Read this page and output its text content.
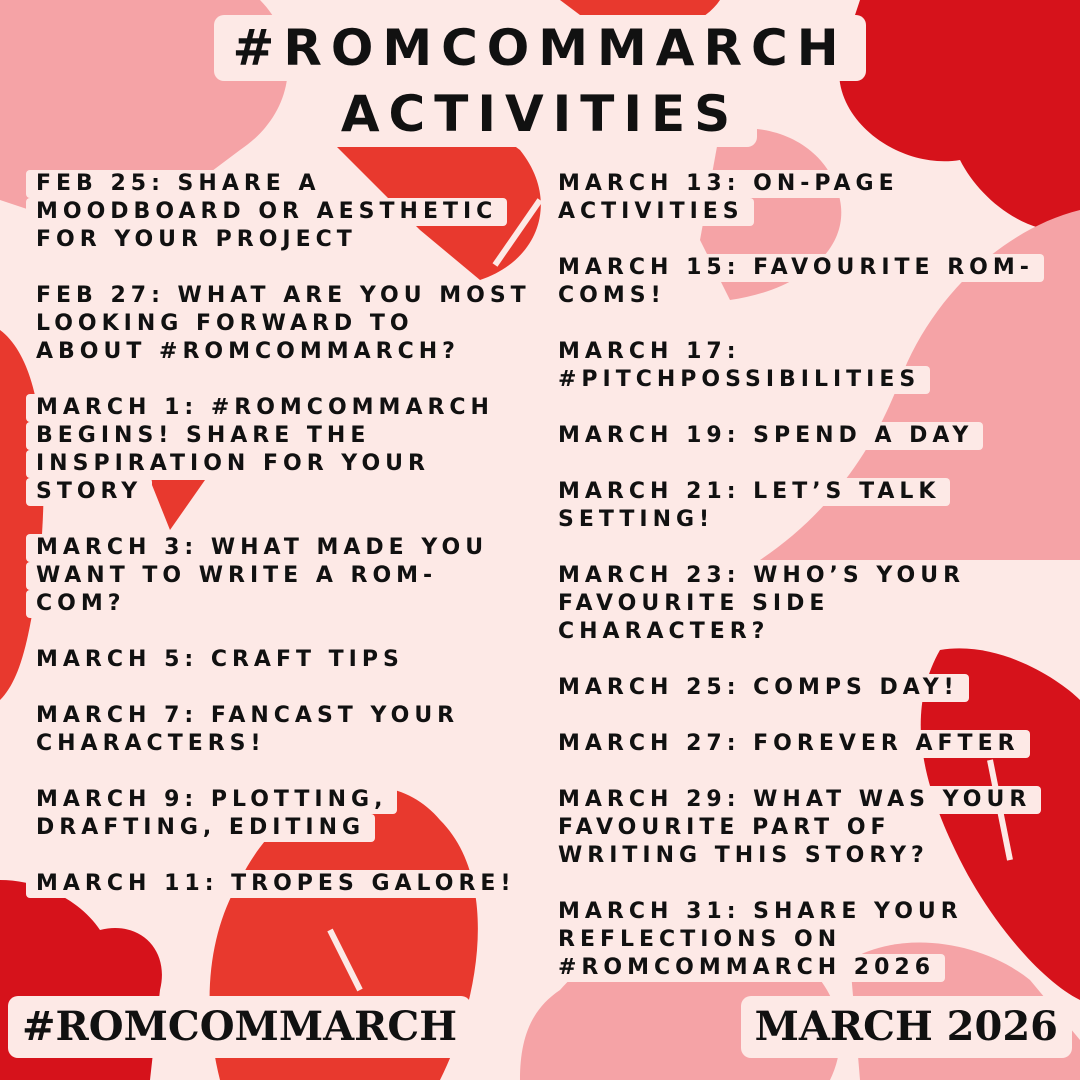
#ROMCOMMARCH
ACTIVITIES
FEB 25: SHARE A
MOODBOARD OR AESTHETIC
FOR YOUR PROJECT
FEB 27: WHAT ARE YOU MOST
LOOKING FORWARD TO
ABOUT #ROMCOMMARCH?
MARCH 1: #ROMCOMMARCH
BEGINS! SHARE THE
INSPIRATION FOR YOUR
STORY
MARCH 3: WHAT MADE YOU
WANT TO WRITE A ROM-
COM?
MARCH 5: CRAFT TIPS
MARCH 7: FANCAST YOUR
CHARACTERS!
MARCH 9: PLOTTING,
DRAFTING, EDITING
MARCH 11: TROPES GALORE!
MARCH 13: ON-PAGE
ACTIVITIES
MARCH 15: FAVOURITE ROM-
COMS!
MARCH 17:
#PITCHPOSSIBILITIES
MARCH 19: SPEND A DAY
MARCH 21: LET’S TALK
SETTING!
MARCH 23: WHO’S YOUR
FAVOURITE SIDE
CHARACTER?
MARCH 25: COMPS DAY!
MARCH 27: FOREVER AFTER
MARCH 29: WHAT WAS YOUR
FAVOURITE PART OF
WRITING THIS STORY?
MARCH 31: SHARE YOUR
REFLECTIONS ON
#ROMCOMMARCH 2026
#ROMCOMMARCH	MARCH 2026
